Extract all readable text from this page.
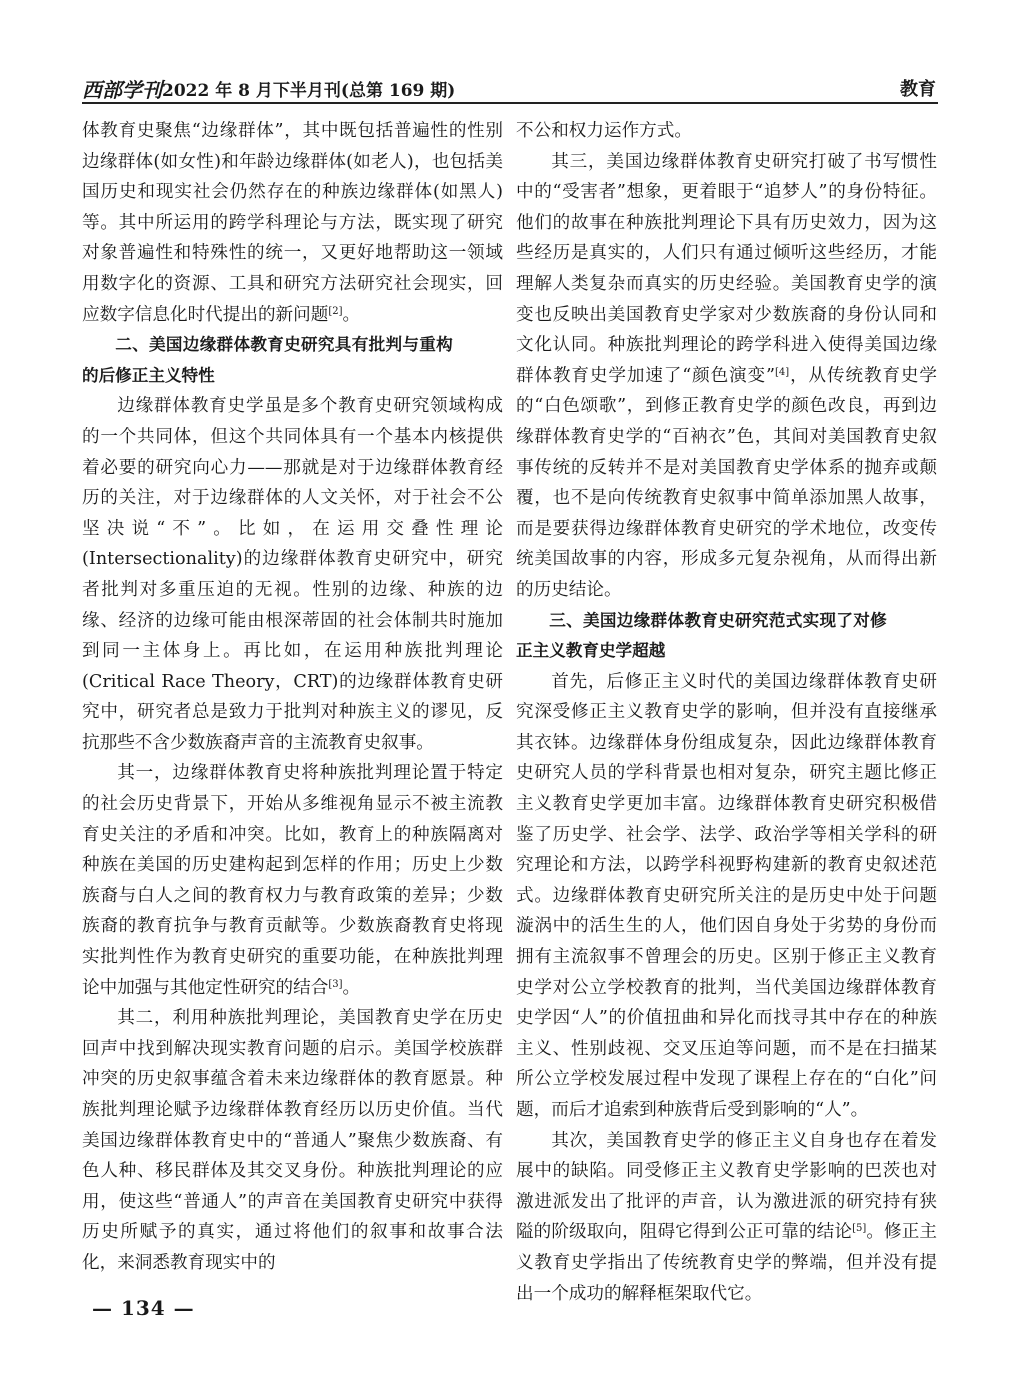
西部学刊 2022 年 8 月下半月刊(总第 169 期)	教育

体教育史聚焦“边缘群体”，其中既包括普遍性的性别边缘群体(如女性)和年龄边缘群体(如老人)，也包括美国历史和现实社会仍然存在的种族边缘群体(如黑人)等。其中所运用的跨学科理论与方法，既实现了研究对象普遍性和特殊性的统一，又更好地帮助这一领域用数字化的资源、工具和研究方法研究社会现实，回应数字信息化时代提出的新问题[2]。

二、美国边缘群体教育史研究具有批判与重构
的后修正主义特性

边缘群体教育史学虽是多个教育史研究领域构成的一个共同体，但这个共同体具有一个基本内核提供着必要的研究向心力——那就是对于边缘群体教育经历的关注，对于边缘群体的人文关怀，对于社会不公坚决说“不”。比如，在运用交叠性理论(Intersectionality)的边缘群体教育史研究中，研究者批判对多重压迫的无视。性别的边缘、种族的边缘、经济的边缘可能由根深蒂固的社会体制共时施加到同一主体身上。再比如，在运用种族批判理论(Critical Race Theory，CRT)的边缘群体教育史研究中，研究者总是致力于批判对种族主义的谬见，反抗那些不含少数族裔声音的主流教育史叙事。

其一，边缘群体教育史将种族批判理论置于特定的社会历史背景下，开始从多维视角显示不被主流教育史关注的矛盾和冲突。比如，教育上的种族隔离对种族在美国的历史建构起到怎样的作用；历史上少数族裔与白人之间的教育权力与教育政策的差异；少数族裔的教育抗争与教育贡献等。少数族裔教育史将现实批判性作为教育史研究的重要功能，在种族批判理论中加强与其他定性研究的结合[3]。

其二，利用种族批判理论，美国教育史学在历史回声中找到解决现实教育问题的启示。美国学校族群冲突的历史叙事蕴含着未来边缘群体的教育愿景。种族批判理论赋予边缘群体教育经历以历史价值。当代美国边缘群体教育史中的“普通人”聚焦少数族裔、有色人种、移民群体及其交叉身份。种族批判理论的应用，使这些“普通人”的声音在美国教育史研究中获得历史所赋予的真实，通过将他们的叙事和故事合法化，来洞悉教育现实中的

不公和权力运作方式。

其三，美国边缘群体教育史研究打破了书写惯性中的“受害者”想象，更着眼于“追梦人”的身份特征。他们的故事在种族批判理论下具有历史效力，因为这些经历是真实的，人们只有通过倾听这些经历，才能理解人类复杂而真实的历史经验。美国教育史学的演变也反映出美国教育史学家对少数族裔的身份认同和文化认同。种族批判理论的跨学科进入使得美国边缘群体教育史学加速了“颜色演变”[4]，从传统教育史学的“白色颂歌”，到修正教育史学的颜色改良，再到边缘群体教育史学的“百衲衣”色，其间对美国教育史叙事传统的反转并不是对美国教育史学体系的抛弃或颠覆，也不是向传统教育史叙事中简单添加黑人故事，而是要获得边缘群体教育史研究的学术地位，改变传统美国故事的内容，形成多元复杂视角，从而得出新的历史结论。

三、美国边缘群体教育史研究范式实现了对修
正主义教育史学超越

首先，后修正主义时代的美国边缘群体教育史研究深受修正主义教育史学的影响，但并没有直接继承其衣钵。边缘群体身份组成复杂，因此边缘群体教育史研究人员的学科背景也相对复杂，研究主题比修正主义教育史学更加丰富。边缘群体教育史研究积极借鉴了历史学、社会学、法学、政治学等相关学科的研究理论和方法，以跨学科视野构建新的教育史叙述范式。边缘群体教育史研究所关注的是历史中处于问题漩涡中的活生生的人，他们因自身处于劣势的身份而拥有主流叙事不曾理会的历史。区别于修正主义教育史学对公立学校教育的批判，当代美国边缘群体教育史学因“人”的价值扭曲和异化而找寻其中存在的种族主义、性别歧视、交叉压迫等问题，而不是在扫描某所公立学校发展过程中发现了课程上存在的“白化”问题，而后才追索到种族背后受到影响的“人”。

其次，美国教育史学的修正主义自身也存在着发展中的缺陷。同受修正主义教育史学影响的巴茨也对激进派发出了批评的声音，认为激进派的研究持有狭隘的阶级取向，阻碍它得到公正可靠的结论[5]。修正主义教育史学指出了传统教育史学的弊端，但并没有提出一个成功的解释框架取代它。

— 134 —
